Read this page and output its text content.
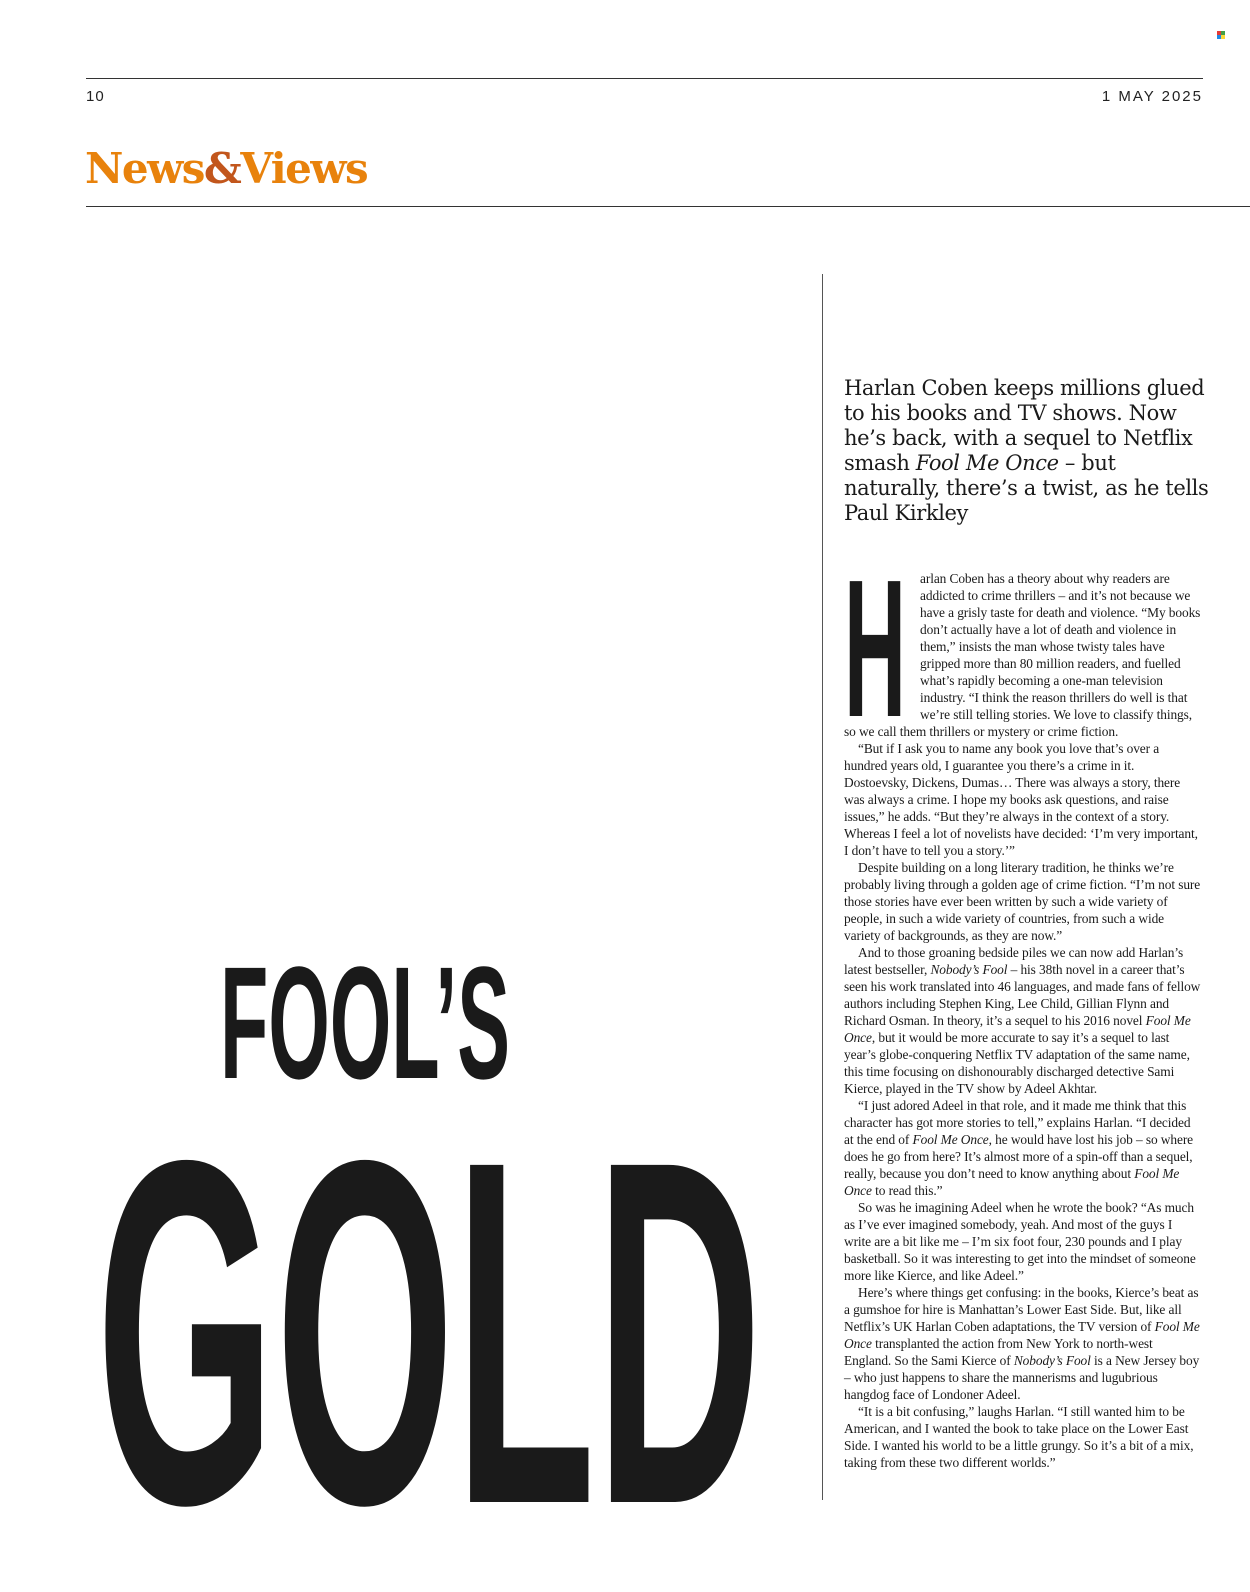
10	1 MAY 2025
News&Views
FOOL’S
GOLD

Harlan Coben keeps millions glued to his books and TV shows. Now he’s back, with a sequel to Netflix smash Fool Me Once – but naturally, there’s a twist, as he tells Paul Kirkley

H arlan Coben has a theory about why readers are addicted to crime thrillers – and it’s not because we have a grisly taste for death and violence. “My books don’t actually have a lot of death and violence in them,” insists the man whose twisty tales have gripped more than 80 million readers, and fuelled what’s rapidly becoming a one-man television industry. “I think the reason thrillers do well is that we’re still telling stories. We love to classify things, so we call them thrillers or mystery or crime fiction.

“But if I ask you to name any book you love that’s over a hundred years old, I guarantee you there’s a crime in it. Dostoevsky, Dickens, Dumas… There was always a story, there was always a crime. I hope my books ask questions, and raise issues,” he adds. “But they’re always in the context of a story. Whereas I feel a lot of novelists have decided: ‘I’m very important, I don’t have to tell you a story.’”

Despite building on a long literary tradition, he thinks we’re probably living through a golden age of crime fiction. “I’m not sure those stories have ever been written by such a wide variety of people, in such a wide variety of countries, from such a wide variety of backgrounds, as they are now.”

And to those groaning bedside piles we can now add Harlan’s latest bestseller, Nobody’s Fool – his 38th novel in a career that’s seen his work translated into 46 languages, and made fans of fellow authors including Stephen King, Lee Child, Gillian Flynn and Richard Osman. In theory, it’s a sequel to his 2016 novel Fool Me Once, but it would be more accurate to say it’s a sequel to last year’s globe-conquering Netflix TV adaptation of the same name, this time focusing on dishonourably discharged detective Sami Kierce, played in the TV show by Adeel Akhtar.

“I just adored Adeel in that role, and it made me think that this character has got more stories to tell,” explains Harlan. “I decided at the end of Fool Me Once, he would have lost his job – so where does he go from here? It’s almost more of a spin-off than a sequel, really, because you don’t need to know anything about Fool Me Once to read this.”

So was he imagining Adeel when he wrote the book? “As much as I’ve ever imagined somebody, yeah. And most of the guys I write are a bit like me – I’m six foot four, 230 pounds and I play basketball. So it was interesting to get into the mindset of someone more like Kierce, and like Adeel.”

Here’s where things get confusing: in the books, Kierce’s beat as a gumshoe for hire is Manhattan’s Lower East Side. But, like all Netflix’s UK Harlan Coben adaptations, the TV version of Fool Me Once transplanted the action from New York to north-west England. So the Sami Kierce of Nobody’s Fool is a New Jersey boy – who just happens to share the mannerisms and lugubrious hangdog face of Londoner Adeel.

“It is a bit confusing,” laughs Harlan. “I still wanted him to be American, and I wanted the book to take place on the Lower East Side. I wanted his world to be a little grungy. So it’s a bit of a mix, taking from these two different worlds.”
